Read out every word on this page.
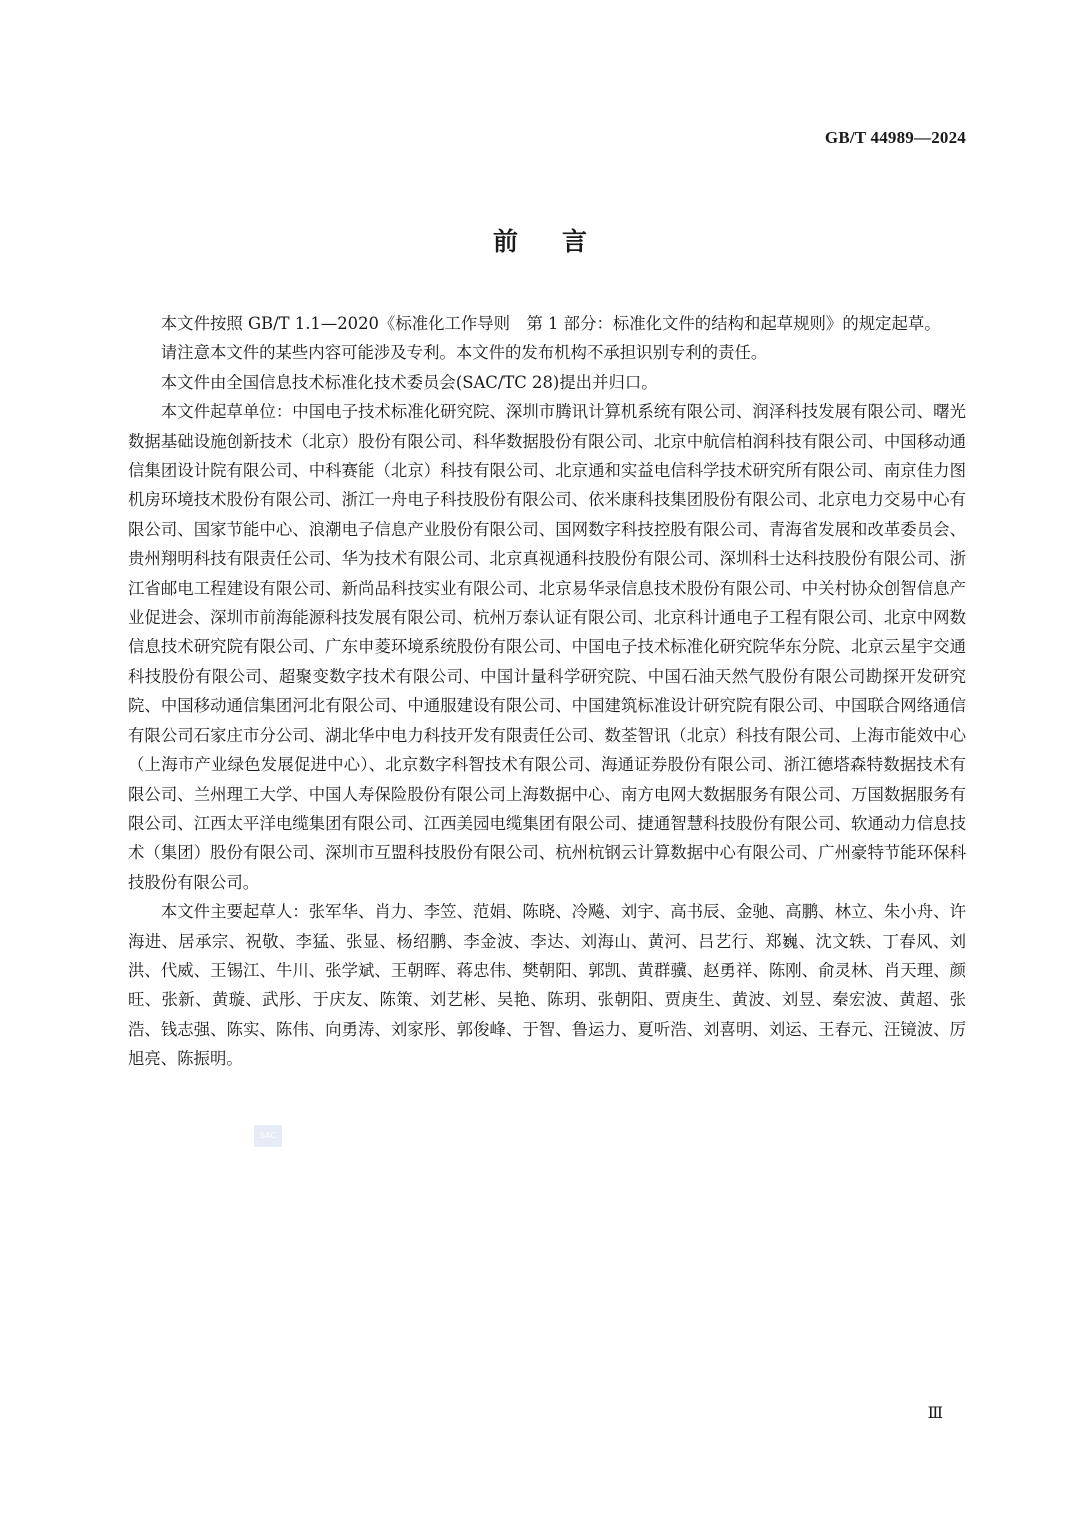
GB/T 44989—2024
前言

本文件按照 GB/T 1.1—2020《标准化工作导则　第 1 部分：标准化文件的结构和起草规则》的规定起草。

请注意本文件的某些内容可能涉及专利。本文件的发布机构不承担识别专利的责任。

本文件由全国信息技术标准化技术委员会(SAC/TC 28)提出并归口。

本文件起草单位：中国电子技术标准化研究院、深圳市腾讯计算机系统有限公司、润泽科技发展有限公司、曙光数据基础设施创新技术（北京）股份有限公司、科华数据股份有限公司、北京中航信柏润科技有限公司、中国移动通信集团设计院有限公司、中科赛能（北京）科技有限公司、北京通和实益电信科学技术研究所有限公司、南京佳力图机房环境技术股份有限公司、浙江一舟电子科技股份有限公司、依米康科技集团股份有限公司、北京电力交易中心有限公司、国家节能中心、浪潮电子信息产业股份有限公司、国网数字科技控股有限公司、青海省发展和改革委员会、贵州翔明科技有限责任公司、华为技术有限公司、北京真视通科技股份有限公司、深圳科士达科技股份有限公司、浙江省邮电工程建设有限公司、新尚品科技实业有限公司、北京易华录信息技术股份有限公司、中关村协众创智信息产业促进会、深圳市前海能源科技发展有限公司、杭州万泰认证有限公司、北京科计通电子工程有限公司、北京中网数信息技术研究院有限公司、广东申菱环境系统股份有限公司、中国电子技术标准化研究院华东分院、北京云星宇交通科技股份有限公司、超聚变数字技术有限公司、中国计量科学研究院、中国石油天然气股份有限公司勘探开发研究院、中国移动通信集团河北有限公司、中通服建设有限公司、中国建筑标准设计研究院有限公司、中国联合网络通信有限公司石家庄市分公司、湖北华中电力科技开发有限责任公司、数荃智讯（北京）科技有限公司、上海市能效中心（上海市产业绿色发展促进中心）、北京数字科智技术有限公司、海通证券股份有限公司、浙江德塔森特数据技术有限公司、兰州理工大学、中国人寿保险股份有限公司上海数据中心、南方电网大数据服务有限公司、万国数据服务有限公司、江西太平洋电缆集团有限公司、江西美园电缆集团有限公司、捷通智慧科技股份有限公司、软通动力信息技术（集团）股份有限公司、深圳市互盟科技股份有限公司、杭州杭钢云计算数据中心有限公司、广州豪特节能环保科技股份有限公司。

本文件主要起草人：张军华、肖力、李笠、范娟、陈晓、冷飚、刘宇、高书辰、金驰、高鹏、林立、朱小舟、许海进、居承宗、祝敬、李猛、张显、杨绍鹏、李金波、李达、刘海山、黄河、吕艺行、郑巍、沈文轶、丁春风、刘洪、代威、王锡江、牛川、张学斌、王朝晖、蒋忠伟、樊朝阳、郭凯、黄群骥、赵勇祥、陈刚、俞灵林、肖天理、颜旺、张新、黄璇、武彤、于庆友、陈策、刘艺彬、吴艳、陈玥、张朝阳、贾庚生、黄波、刘昱、秦宏波、黄超、张浩、钱志强、陈实、陈伟、向勇涛、刘家彤、郭俊峰、于智、鲁运力、夏听浩、刘喜明、刘运、王春元、汪镜波、厉旭亮、陈振明。

SAC
Ⅲ
